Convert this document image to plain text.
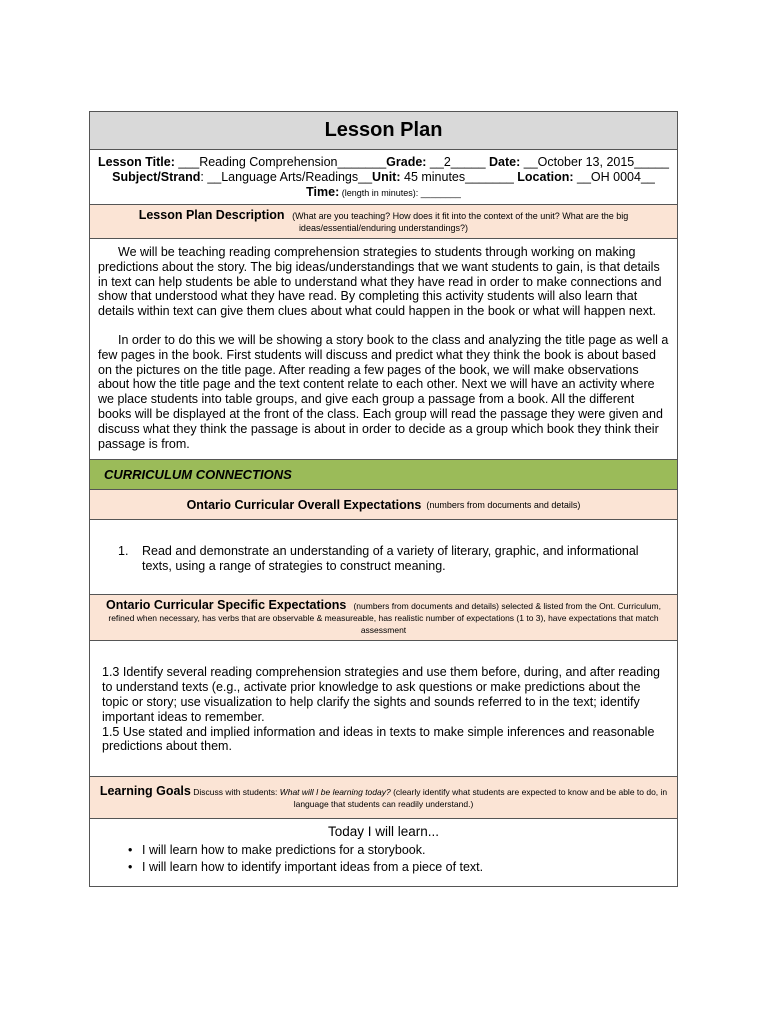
Lesson Plan
Lesson Title: ___Reading Comprehension_______Grade: __2_____ Date: __October 13, 2015_____
Subject/Strand: __Language Arts/Readings__Unit: 45 minutes_______ Location: __OH 0004__
Time: (length in minutes): ________
Lesson Plan Description (What are you teaching? How does it fit into the context of the unit? What are the big ideas/essential/enduring understandings?)

We will be teaching reading comprehension strategies to students through working on making predictions about the story. The big ideas/understandings that we want students to gain, is that details in text can help students be able to understand what they have read in order to make connections and show that understood what they have read. By completing this activity students will also learn that details within text can give them clues about what could happen in the book or what will happen next.

In order to do this we will be showing a story book to the class and analyzing the title page as well a few pages in the book. First students will discuss and predict what they think the book is about based on the pictures on the title page. After reading a few pages of the book, we will make observations about how the title page and the text content relate to each other. Next we will have an activity where we place students into table groups, and give each group a passage from a book. All the different books will be displayed at the front of the class. Each group will read the passage they were given and discuss what they think the passage is about in order to decide as a group which book they think their passage is from.

CURRICULUM CONNECTIONS
Ontario Curricular Overall Expectations (numbers from documents and details)
1.	Read and demonstrate an understanding of a variety of literary, graphic, and informational texts, using a range of strategies to construct meaning.
Ontario Curricular Specific Expectations (numbers from documents and details) selected & listed from the Ont. Curriculum, refined when necessary, has verbs that are observable & measureable, has realistic number of expectations (1 to 3), have expectations that match assessment
1.3 Identify several reading comprehension strategies and use them before, during, and after reading to understand texts (e.g., activate prior knowledge to ask questions or make predictions about the topic or story; use visualization to help clarify the sights and sounds referred to in the text; identify important ideas to remember.
1.5 Use stated and implied information and ideas in texts to make simple inferences and reasonable predictions about them.
Learning Goals Discuss with students: What will I be learning today? (clearly identify what students are expected to know and be able to do, in language that students can readily understand.)
Today I will learn...
• I will learn how to make predictions for a storybook.
• I will learn how to identify important ideas from a piece of text.
